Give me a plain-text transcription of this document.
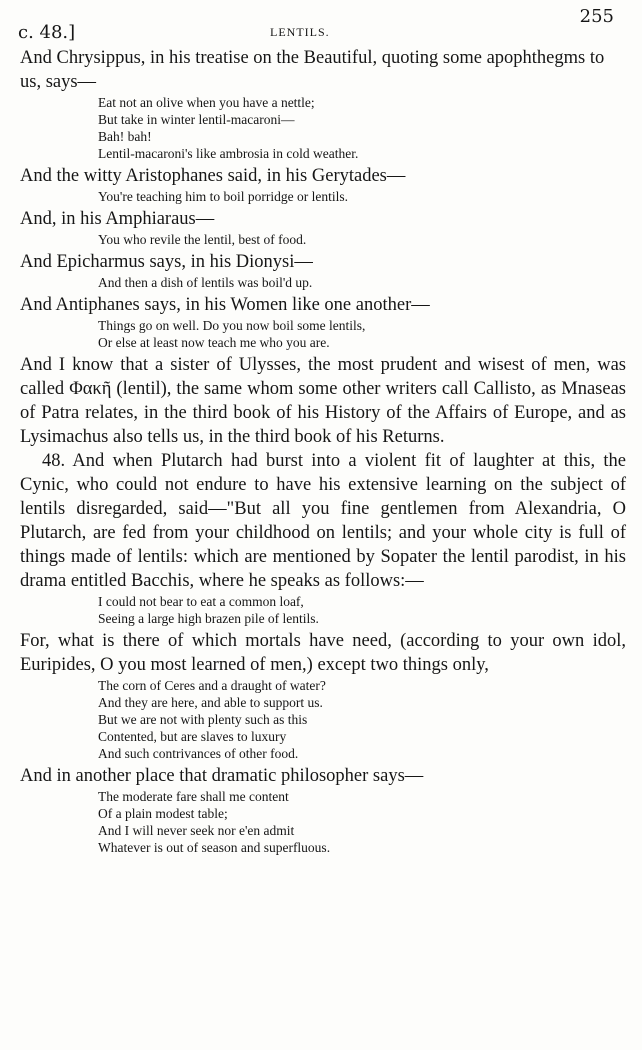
c. 48.]	LENTILS.
255

And Chrysippus, in his treatise on the Beautiful, quoting some apophthegms to us, says—

Eat not an olive when you have a nettle;
But take in winter lentil-macaroni—
Bah! bah!
Lentil-macaroni's like ambrosia in cold weather.

And the witty Aristophanes said, in his Gerytades—

You're teaching him to boil porridge or lentils.

And, in his Amphiaraus—

You who revile the lentil, best of food.

And Epicharmus says, in his Dionysi—

And then a dish of lentils was boil'd up.

And Antiphanes says, in his Women like one another—

Things go on well. Do you now boil some lentils,
Or else at least now teach me who you are.

And I know that a sister of Ulysses, the most prudent and wisest of men, was called Φακῆ (lentil), the same whom some other writers call Callisto, as Mnaseas of Patra relates, in the third book of his History of the Affairs of Europe, and as Lysimachus also tells us, in the third book of his Returns.

48. And when Plutarch had burst into a violent fit of laughter at this, the Cynic, who could not endure to have his extensive learning on the subject of lentils disregarded, said—"But all you fine gentlemen from Alexandria, O Plutarch, are fed from your childhood on lentils; and your whole city is full of things made of lentils: which are mentioned by Sopater the lentil parodist, in his drama entitled Bacchis, where he speaks as follows:—

I could not bear to eat a common loaf,
Seeing a large high brazen pile of lentils.

For, what is there of which mortals have need, (according to your own idol, Euripides, O you most learned of men,) except two things only,

The corn of Ceres and a draught of water?
And they are here, and able to support us.
But we are not with plenty such as this
Contented, but are slaves to luxury
And such contrivances of other food.

And in another place that dramatic philosopher says—

The moderate fare shall me content
Of a plain modest table;
And I will never seek nor e'en admit
Whatever is out of season and superfluous.
